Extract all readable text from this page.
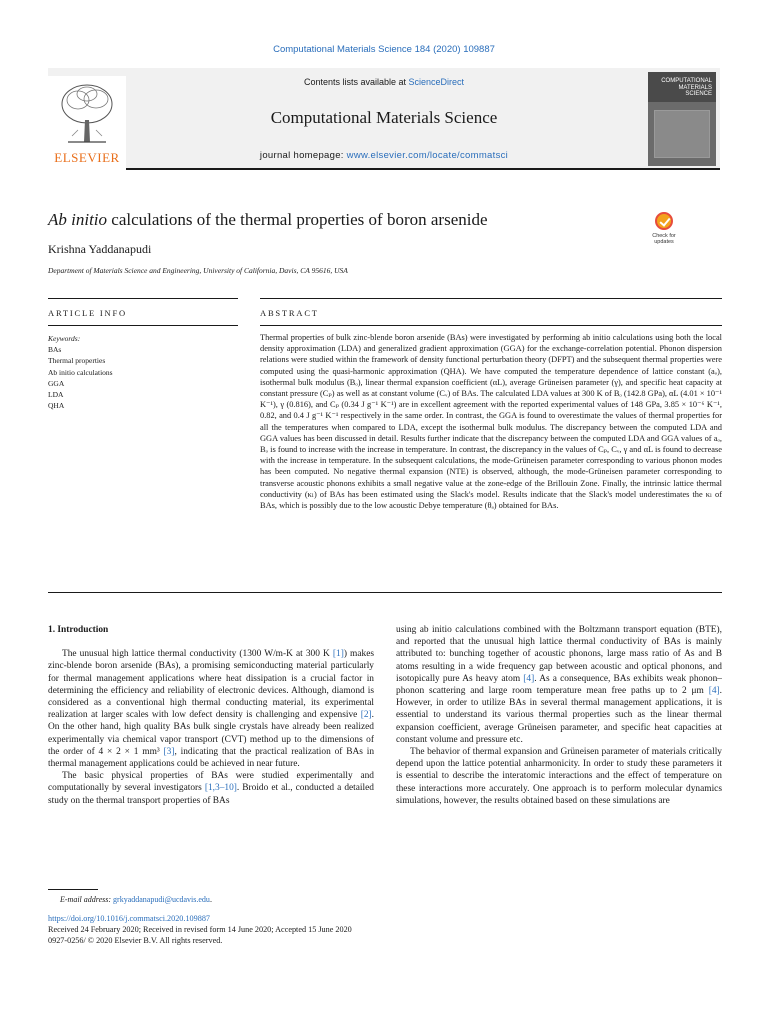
Computational Materials Science 184 (2020) 109887
ELSEVIER
Contents lists available at ScienceDirect
Computational Materials Science
journal homepage: www.elsevier.com/locate/commatsci
COMPUTATIONAL MATERIALS SCIENCE
Ab initio calculations of the thermal properties of boron arsenide
Check for updates
Krishna Yaddanapudi
Department of Materials Science and Engineering, University of California, Davis, CA 95616, USA
ARTICLE INFO	ABSTRACT
Keywords:
BAs
Thermal properties
Ab initio calculations
GGA
LDA
QHA
Thermal properties of bulk zinc-blende boron arsenide (BAs) were investigated by performing ab initio calculations using both the local density approximation (LDA) and generalized gradient approximation (GGA) for the exchange-correlation potential. Phonon dispersion relations were studied within the framework of density functional perturbation theory (DFPT) and the subsequent thermal properties were computed using the quasi-harmonic approximation (QHA). We have computed the temperature dependence of lattice constant (aₒ), isothermal bulk modulus (Bₒ), linear thermal expansion coefficient (αL), average Grüneisen parameter (γ), and specific heat capacity at constant pressure (Cₚ) as well as at constant volume (Cᵥ) of BAs. The calculated LDA values at 300 K of Bₒ (142.8 GPa), αL (4.01 × 10⁻¹ K⁻¹), γ (0.816), and Cₚ (0.34 J g⁻¹ K⁻¹) are in excellent agreement with the reported experimental values of 148 GPa, 3.85 × 10⁻⁶ K⁻¹, 0.82, and 0.4 J g⁻¹ K⁻¹ respectively in the same order. In contrast, the GGA is found to overestimate the values of thermal properties for all the temperatures when compared to LDA, except the isothermal bulk modulus. The discrepancy between the computed LDA and GGA values has been discussed in detail. Results further indicate that the discrepancy between the computed LDA and GGA values of aₒ, Bₒ is found to increase with the increase in temperature. In contrast, the discrepancy in the values of Cₚ, Cᵥ, γ and αL is found to decrease with the increase in temperature. In the subsequent calculations, the mode-Grüneisen parameter corresponding to various phonon modes has been computed. No negative thermal expansion (NTE) is observed, although, the mode-Grüneisen parameter corresponding to transverse acoustic phonons exhibits a small negative value at the zone-edge of the Brillouin Zone. Finally, the intrinsic lattice thermal conductivity (κₗ) of BAs has been estimated using the Slack's model. Results indicate that the Slack's model underestimates the κₗ of BAs, which is possibly due to the low acoustic Debye temperature (θₐ) obtained for BAs.
1. Introduction

The unusual high lattice thermal conductivity (1300 W/m-K at 300 K [1]) makes zinc-blende boron arsenide (BAs), a promising semiconducting material particularly for thermal management applications where heat dissipation is a crucial factor in determining the efficiency and reliability of electronic devices. Although, diamond is considered as a conventional high thermal conducting material, its experimental realization at larger scales with low defect density is challenging and expensive [2]. On the other hand, high quality BAs bulk single crystals have already been realized experimentally via chemical vapor transport (CVT) method up to the dimensions of the order of 4 × 2 × 1 mm³ [3], indicating that the practical realization of BAs in thermal management applications could be achieved in near future.

The basic physical properties of BAs were studied experimentally and computationally by several investigators [1,3–10]. Broido et al., conducted a detailed study on the thermal transport properties of BAs

using ab initio calculations combined with the Boltzmann transport equation (BTE), and reported that the unusual high lattice thermal conductivity of BAs is mainly attributed to: bunching together of acoustic phonons, large mass ratio of As and B atoms resulting in a wide frequency gap between acoustic and optical phonons, and isotopically pure As heavy atom [4]. As a consequence, BAs exhibits weak phonon–phonon scattering and large room temperature mean free paths up to 2 μm [4]. However, in order to utilize BAs in several thermal management applications, it is essential to understand its various thermal properties such as the linear thermal expansion coefficient, average Grüneisen parameter, and specific heat capacities at constant volume and pressure etc.

The behavior of thermal expansion and Grüneisen parameter of materials critically depend upon the lattice potential anharmonicity. In order to study these parameters it is essential to describe the interatomic interactions and the effect of temperature on these interactions more accurately. One approach is to perform molecular dynamics simulations, however, the results obtained based on these simulations are

E-mail address: grkyaddanapudi@ucdavis.edu.
https://doi.org/10.1016/j.commatsci.2020.109887
Received 24 February 2020; Received in revised form 14 June 2020; Accepted 15 June 2020
0927-0256/ © 2020 Elsevier B.V. All rights reserved.
